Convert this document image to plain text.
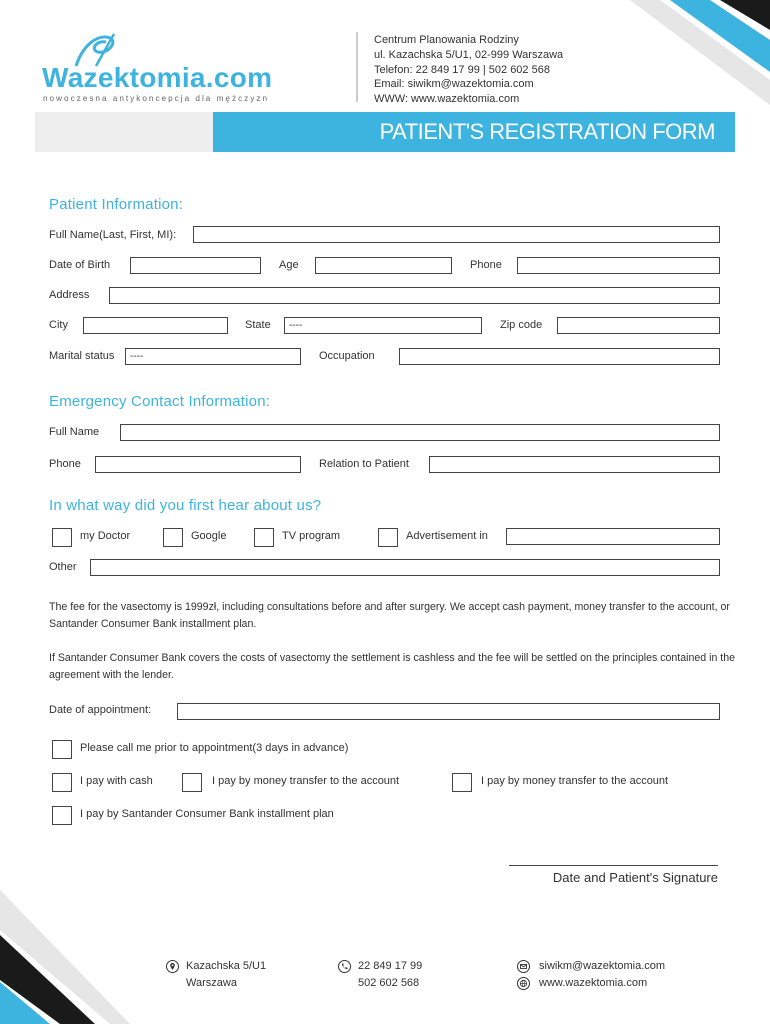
Wazektomia.com
nowoczesna antykoncepcja dla mężczyzn
Centrum Planowania Rodziny
ul. Kazachska 5/U1, 02-999 Warszawa
Telefon: 22 849 17 99 | 502 602 568
Email: siwikm@wazektomia.com
WWW: www.wazektomia.com
PATIENT'S REGISTRATION FORM
Patient Information:
Full Name(Last, First, MI):
Date of Birth	Age	Phone
Address
City	State	----	Zip code
Marital status	----	Occupation
Emergency Contact Information:
Full Name
Phone	Relation to Patient
In what way did you first hear about us?
my Doctor	Google	TV program	Advertisement in
Other
The fee for the vasectomy is 1999zł, including consultations before and after surgery. We accept cash payment, money transfer to the account, or Santander Consumer Bank installment plan.
If Santander Consumer Bank covers the costs of vasectomy the settlement is cashless and the fee will be settled on the principles contained in the agreement with the lender.
Date of appointment:
Please call me prior to appointment(3 days in advance)
I pay with cash	I pay by money transfer to the account	I pay by money transfer to the account
I pay by Santander Consumer Bank installment plan
Date and Patient's Signature
Kazachska 5/U1
Warszawa
22 849 17 99
502 602 568
siwikm@wazektomia.com
www.wazektomia.com
